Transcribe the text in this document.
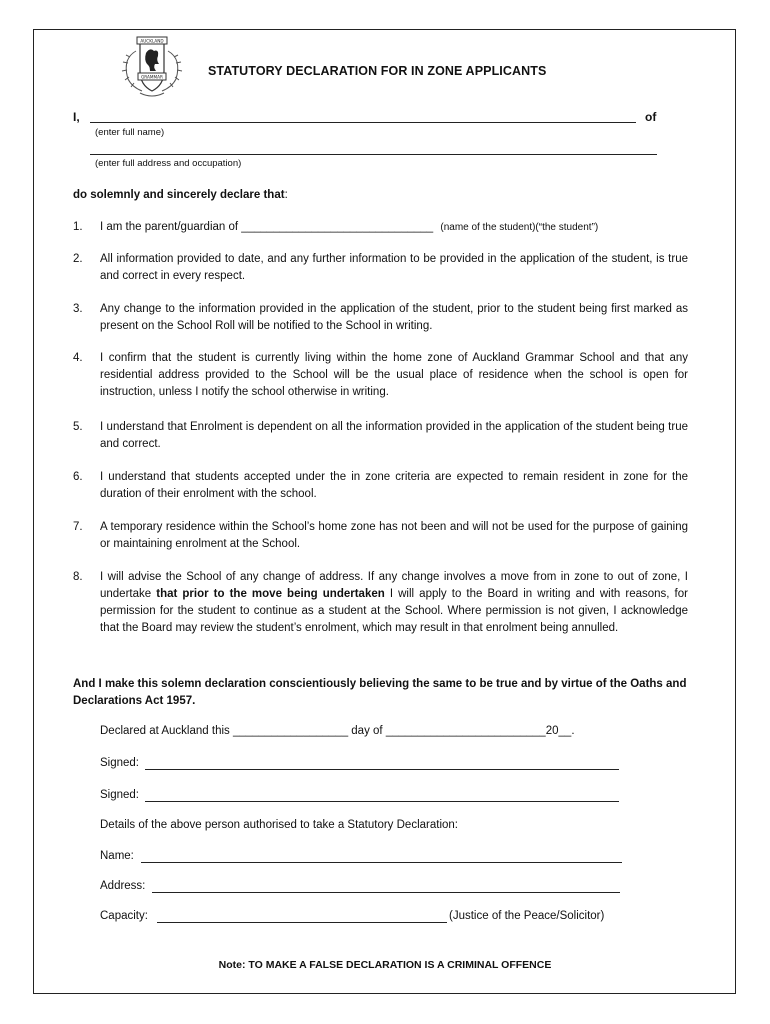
AUCKLAND
GRAMMAR	STATUTORY DECLARATION FOR IN ZONE APPLICANTS
I,	of
(enter full name)
(enter full address and occupation)
do solemnly and sincerely declare that:
1. I am the parent/guardian of ______________________________ (name of the student)(“the student”)
2. All information provided to date, and any further information to be provided in the application of the student, is true and correct in every respect.
3. Any change to the information provided in the application of the student, prior to the student being first marked as present on the School Roll will be notified to the School in writing.
4. I confirm that the student is currently living within the home zone of Auckland Grammar School and that any residential address provided to the School will be the usual place of residence when the school is open for instruction, unless I notify the school otherwise in writing.
5. I understand that Enrolment is dependent on all the information provided in the application of the student being true and correct.
6. I understand that students accepted under the in zone criteria are expected to remain resident in zone for the duration of their enrolment with the school.
7. A temporary residence within the School’s home zone has not been and will not be used for the purpose of gaining or maintaining enrolment at the School.
8. I will advise the School of any change of address. If any change involves a move from in zone to out of zone, I undertake that prior to the move being undertaken I will apply to the Board in writing and with reasons, for permission for the student to continue as a student at the School. Where permission is not given, I acknowledge that the Board may review the student’s enrolment, which may result in that enrolment being annulled.
And I make this solemn declaration conscientiously believing the same to be true and by virtue of the Oaths and Declarations Act 1957.
Declared at Auckland this __________________ day of _________________________20__.
Signed:
Signed:
Details of the above person authorised to take a Statutory Declaration:
Name:
Address:
Capacity:	(Justice of the Peace/Solicitor)
Note: TO MAKE A FALSE DECLARATION IS A CRIMINAL OFFENCE
